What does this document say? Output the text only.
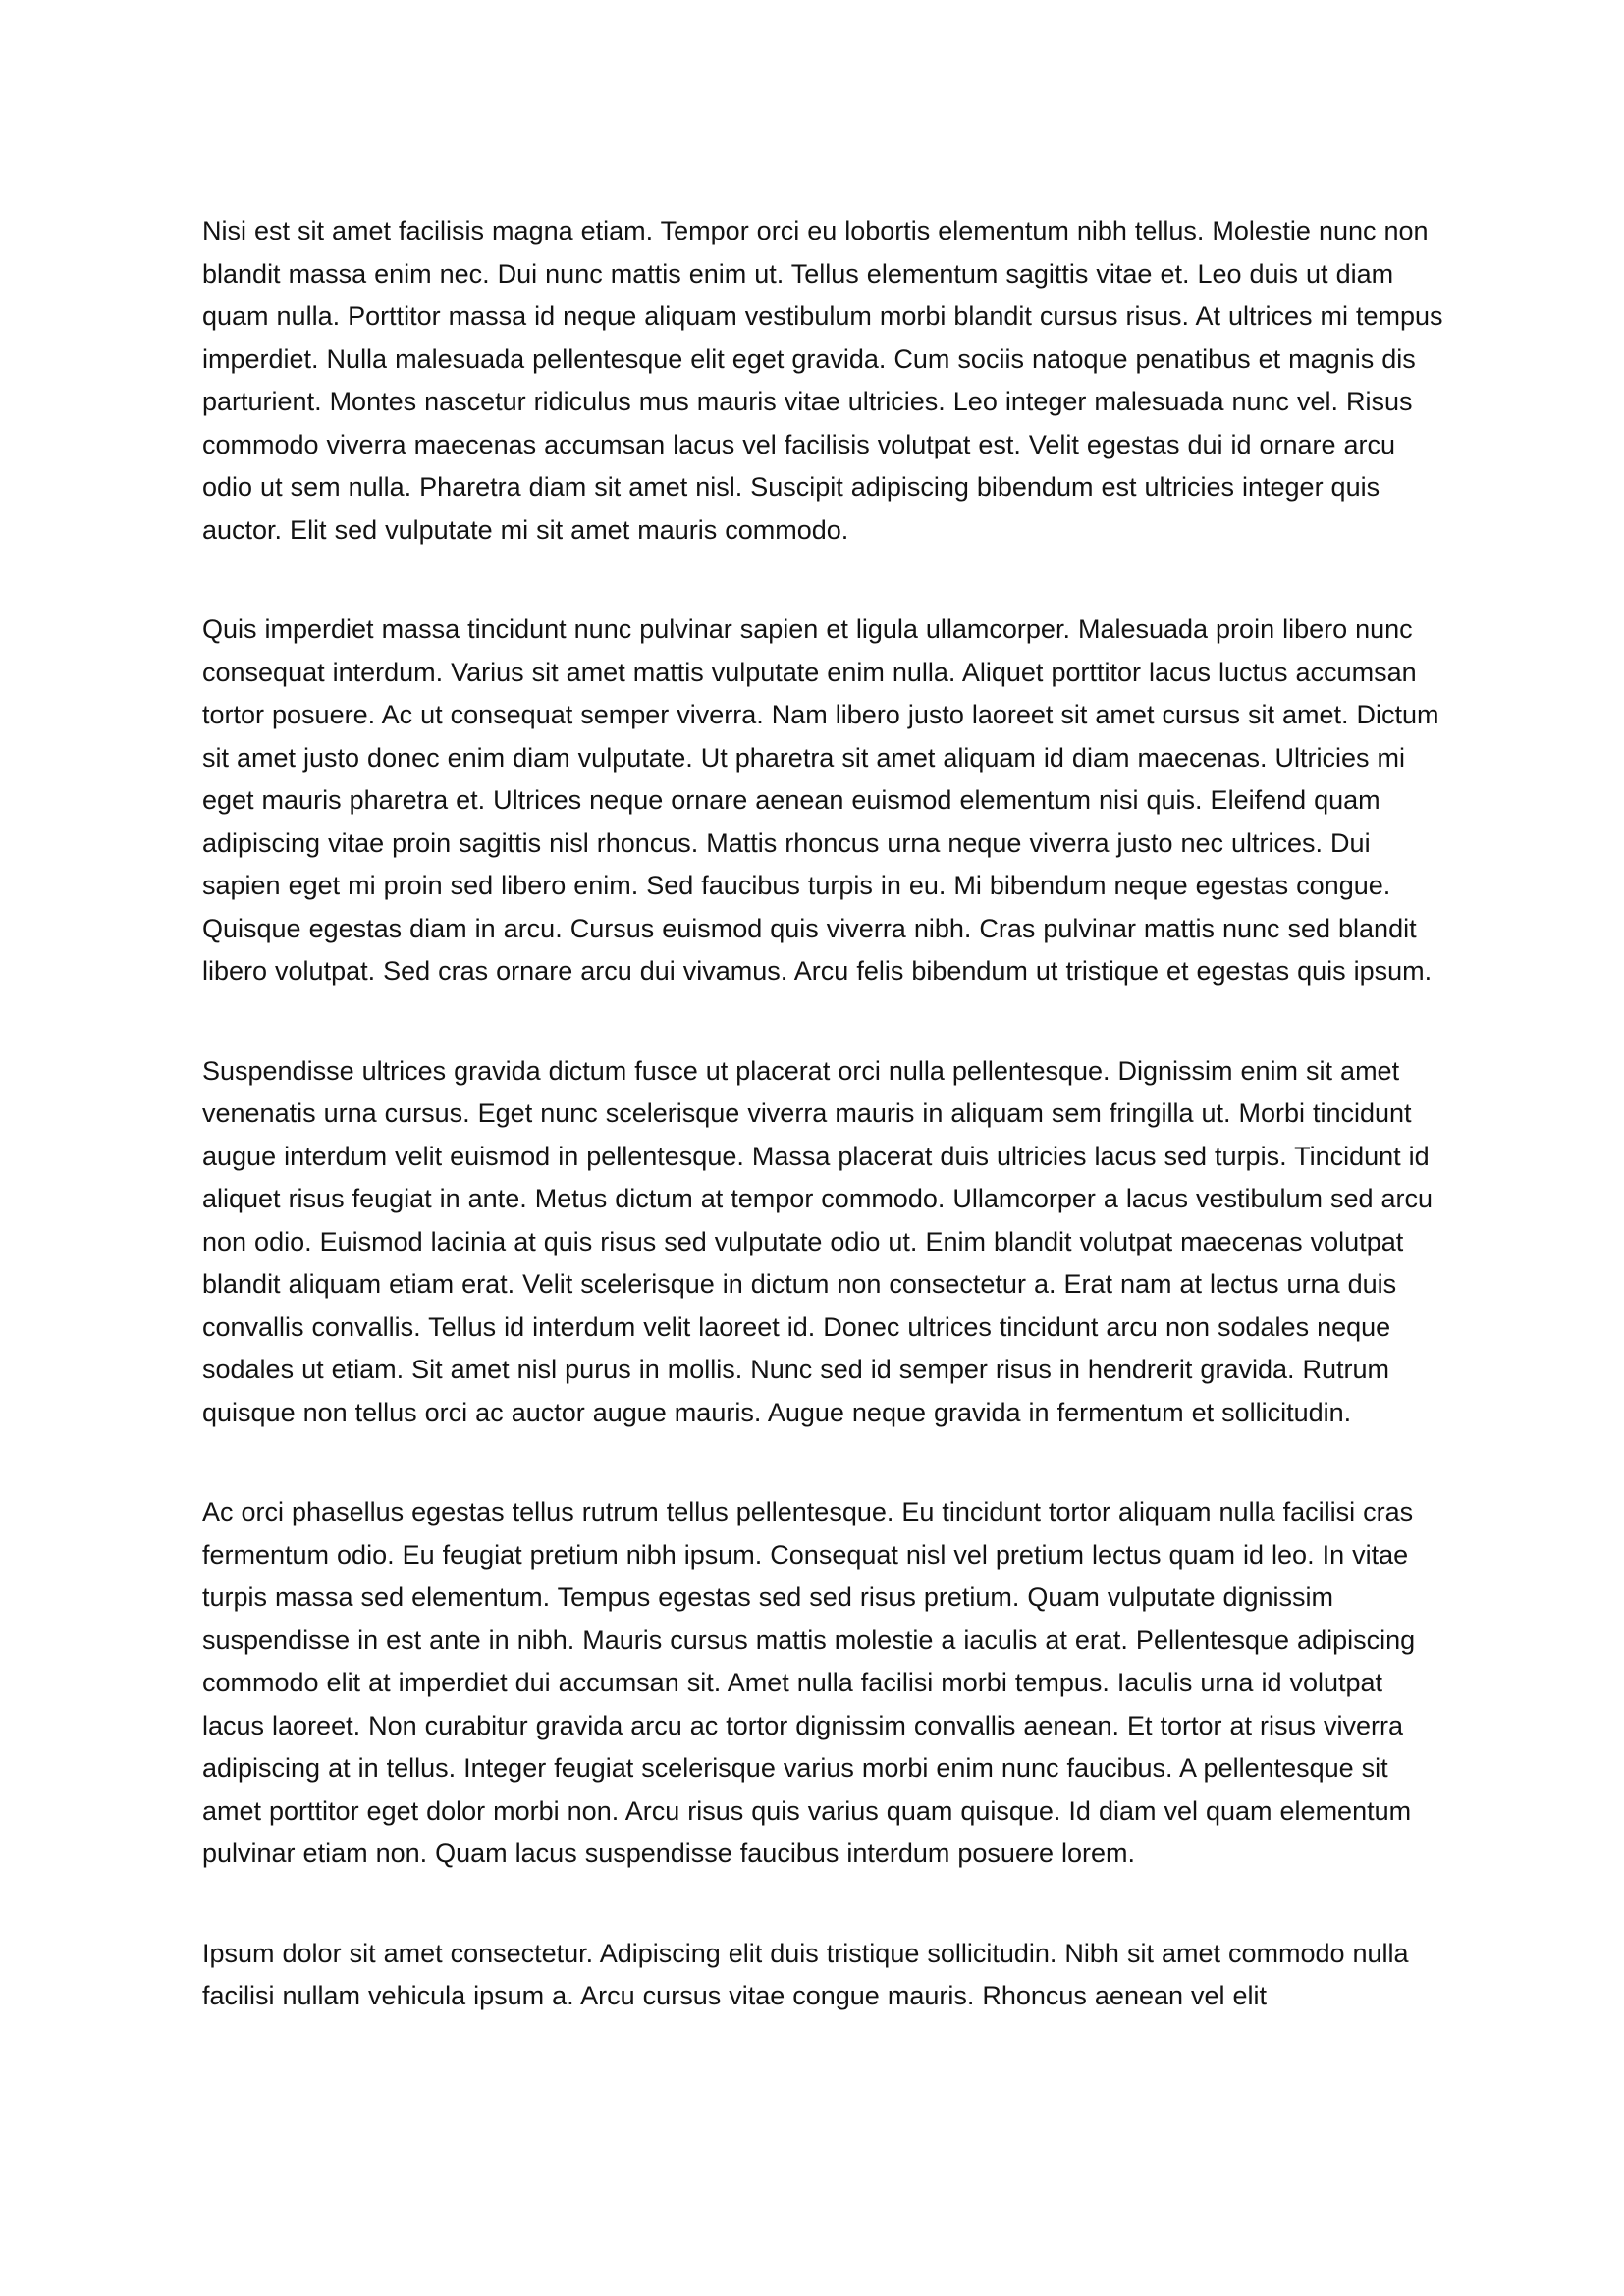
Nisi est sit amet facilisis magna etiam. Tempor orci eu lobortis elementum nibh tellus. Molestie nunc non blandit massa enim nec. Dui nunc mattis enim ut. Tellus elementum sagittis vitae et. Leo duis ut diam quam nulla. Porttitor massa id neque aliquam vestibulum morbi blandit cursus risus. At ultrices mi tempus imperdiet. Nulla malesuada pellentesque elit eget gravida. Cum sociis natoque penatibus et magnis dis parturient. Montes nascetur ridiculus mus mauris vitae ultricies. Leo integer malesuada nunc vel. Risus commodo viverra maecenas accumsan lacus vel facilisis volutpat est. Velit egestas dui id ornare arcu odio ut sem nulla. Pharetra diam sit amet nisl. Suscipit adipiscing bibendum est ultricies integer quis auctor. Elit sed vulputate mi sit amet mauris commodo.

Quis imperdiet massa tincidunt nunc pulvinar sapien et ligula ullamcorper. Malesuada proin libero nunc consequat interdum. Varius sit amet mattis vulputate enim nulla. Aliquet porttitor lacus luctus accumsan tortor posuere. Ac ut consequat semper viverra. Nam libero justo laoreet sit amet cursus sit amet. Dictum sit amet justo donec enim diam vulputate. Ut pharetra sit amet aliquam id diam maecenas. Ultricies mi eget mauris pharetra et. Ultrices neque ornare aenean euismod elementum nisi quis. Eleifend quam adipiscing vitae proin sagittis nisl rhoncus. Mattis rhoncus urna neque viverra justo nec ultrices. Dui sapien eget mi proin sed libero enim. Sed faucibus turpis in eu. Mi bibendum neque egestas congue. Quisque egestas diam in arcu. Cursus euismod quis viverra nibh. Cras pulvinar mattis nunc sed blandit libero volutpat. Sed cras ornare arcu dui vivamus. Arcu felis bibendum ut tristique et egestas quis ipsum.

Suspendisse ultrices gravida dictum fusce ut placerat orci nulla pellentesque. Dignissim enim sit amet venenatis urna cursus. Eget nunc scelerisque viverra mauris in aliquam sem fringilla ut. Morbi tincidunt augue interdum velit euismod in pellentesque. Massa placerat duis ultricies lacus sed turpis. Tincidunt id aliquet risus feugiat in ante. Metus dictum at tempor commodo. Ullamcorper a lacus vestibulum sed arcu non odio. Euismod lacinia at quis risus sed vulputate odio ut. Enim blandit volutpat maecenas volutpat blandit aliquam etiam erat. Velit scelerisque in dictum non consectetur a. Erat nam at lectus urna duis convallis convallis. Tellus id interdum velit laoreet id. Donec ultrices tincidunt arcu non sodales neque sodales ut etiam. Sit amet nisl purus in mollis. Nunc sed id semper risus in hendrerit gravida. Rutrum quisque non tellus orci ac auctor augue mauris. Augue neque gravida in fermentum et sollicitudin.

Ac orci phasellus egestas tellus rutrum tellus pellentesque. Eu tincidunt tortor aliquam nulla facilisi cras fermentum odio. Eu feugiat pretium nibh ipsum. Consequat nisl vel pretium lectus quam id leo. In vitae turpis massa sed elementum. Tempus egestas sed sed risus pretium. Quam vulputate dignissim suspendisse in est ante in nibh. Mauris cursus mattis molestie a iaculis at erat. Pellentesque adipiscing commodo elit at imperdiet dui accumsan sit. Amet nulla facilisi morbi tempus. Iaculis urna id volutpat lacus laoreet. Non curabitur gravida arcu ac tortor dignissim convallis aenean. Et tortor at risus viverra adipiscing at in tellus. Integer feugiat scelerisque varius morbi enim nunc faucibus. A pellentesque sit amet porttitor eget dolor morbi non. Arcu risus quis varius quam quisque. Id diam vel quam elementum pulvinar etiam non. Quam lacus suspendisse faucibus interdum posuere lorem.

Ipsum dolor sit amet consectetur. Adipiscing elit duis tristique sollicitudin. Nibh sit amet commodo nulla facilisi nullam vehicula ipsum a. Arcu cursus vitae congue mauris. Rhoncus aenean vel elit
